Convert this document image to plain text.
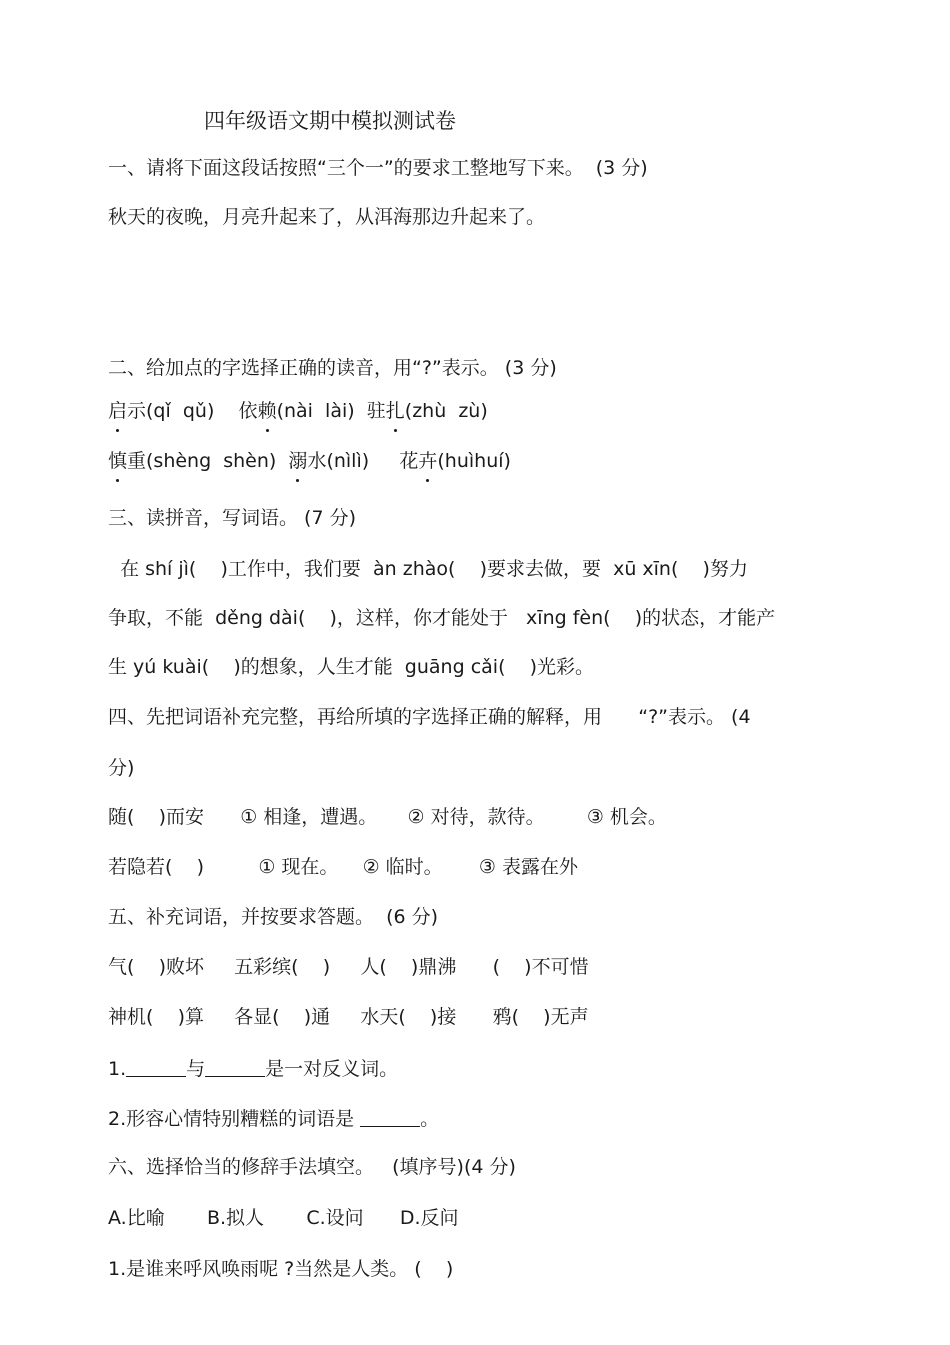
四年级语文期中模拟测试卷
一、请将下面这段话按照“三个一”的要求工整地写下来。  (3 分)
秋天的夜晚，月亮升起来了，从洱海那边升起来了。
二、给加点的字选择正确的读音，用“?”表示。 (3 分)
启示(qǐ  qǔ) 依赖(nài  lài) 驻扎(zhù  zù)
慎重(shèng  shèn) 溺水(nìlì) 花卉(huìhuí)
三、读拼音，写词语。 (7 分)
在 shí jì(    )工作中，我们要  àn zhào(    )要求去做，要  xū xīn(    )努力
争取，不能  děng dài(    )，这样，你才能处于   xīng fèn(    )的状态，才能产
生 yú kuài(    )的想象，人生才能  guāng cǎi(    )光彩。
四、先把词语补充完整，再给所填的字选择正确的解释，用      “?”表示。 (4
分)
随(    )而安      ① 相逢，遭遇。     ② 对待，款待。       ③ 机会。
若隐若(    )         ① 现在。    ② 临时。      ③ 表露在外
五、补充词语，并按要求答题。  (6 分)
气(    )败坏     五彩缤(    )     人(    )鼎沸      (    )不可惜
神机(    )算     各显(    )通     水天(    )接      鸦(    )无声
1.	与	是一对反义词。
2.形容心情特别糟糕的词语是	。
六、选择恰当的修辞手法填空。   (填序号)(4 分)
A.比喻       B.拟人       C.设问      D.反问
1.是谁来呼风唤雨呢 ?当然是人类。 (    )
